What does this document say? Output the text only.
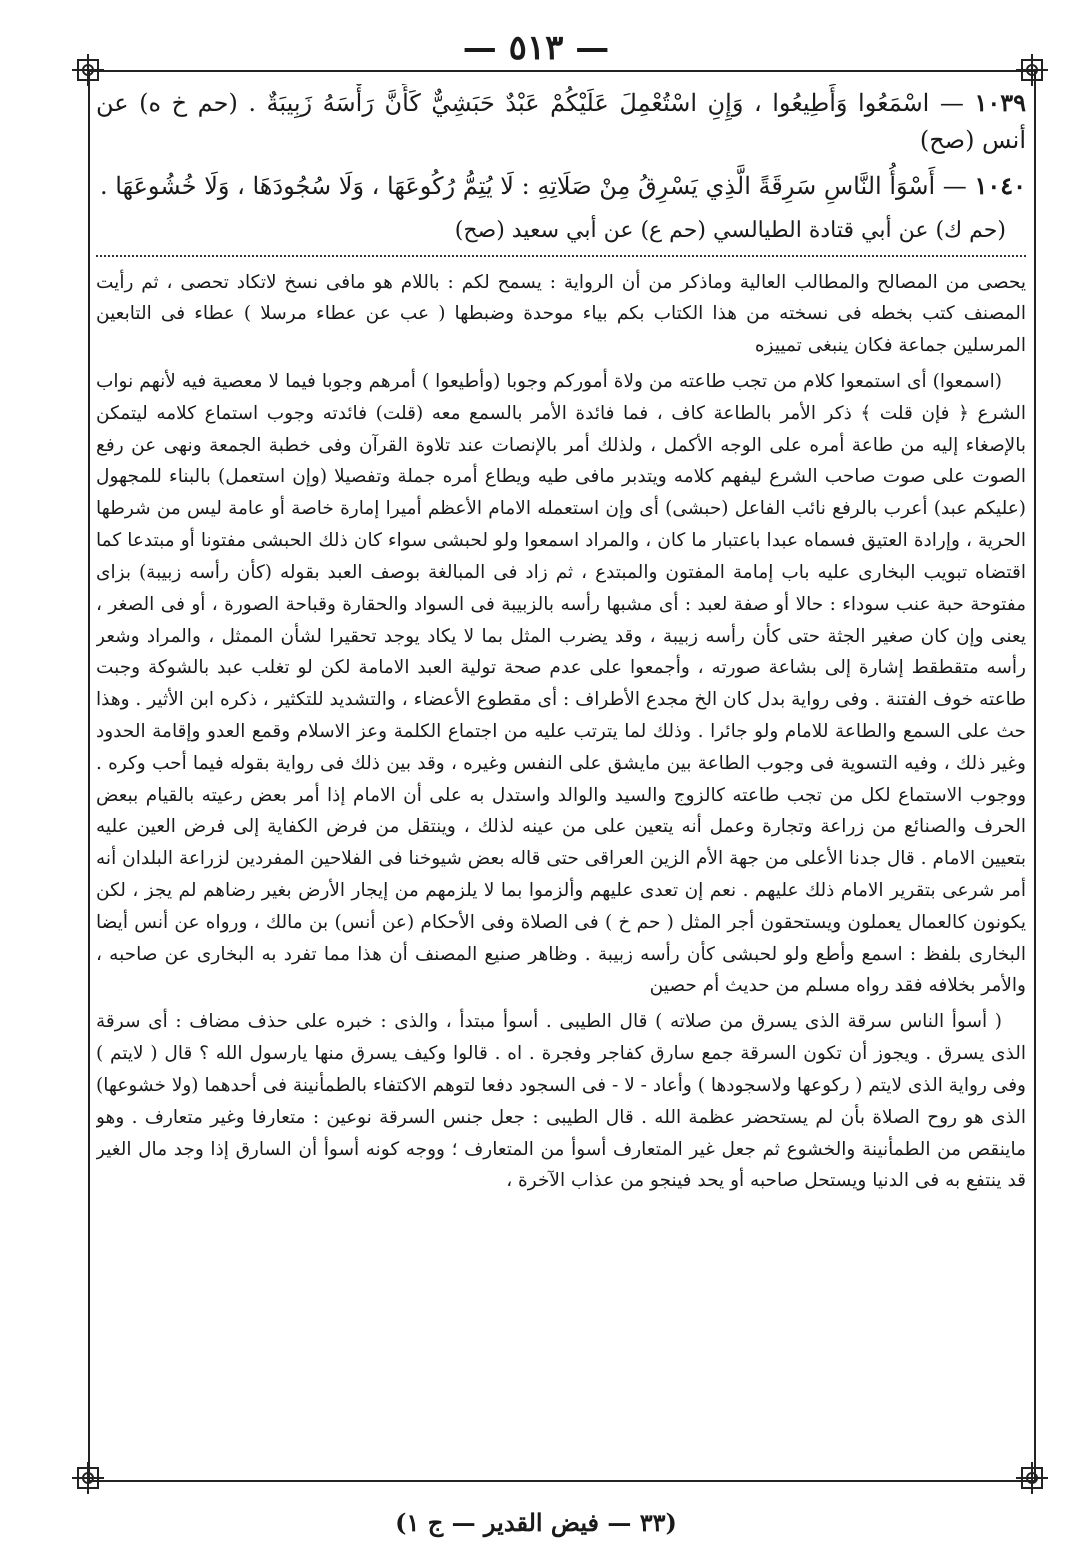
— ٥١٣ —

١٠٣٩ — اسْمَعُوا وَأَطِيعُوا ، وَإِنِ اسْتُعْمِلَ عَلَيْكُمْ عَبْدٌ حَبَشِيٌّ كَأَنَّ رَأْسَهُ زَبِيبَةٌ . (حم خ ه) عن أنس (صح)

١٠٤٠ — أَسْوَأُ النَّاسِ سَرِقَةً الَّذِي يَسْرِقُ مِنْ صَلَاتِهِ : لَا يُتِمُّ رُكُوعَهَا ، وَلَا سُجُودَهَا ، وَلَا خُشُوعَهَا .

(حم ك) عن أبي قتادة الطيالسي (حم ع) عن أبي سعيد (صح)

يحصى من المصالح والمطالب العالية وماذكر من أن الرواية : يسمح لكم : باللام هو مافى نسخ لاتكاد تحصى ، ثم رأيت المصنف كتب بخطه فى نسخته من هذا الكتاب بكم بياء موحدة وضبطها ( عب عن عطاء مرسلا ) عطاء فى التابعين المرسلين جماعة فكان ينبغى تمييزه

(اسمعوا) أى استمعوا كلام من تجب طاعته من ولاة أموركم وجوبا (وأطيعوا ) أمرهم وجوبا فيما لا معصية فيه لأنهم نواب الشرع ﴿ فإن قلت ﴾ ذكر الأمر بالطاعة كاف ، فما فائدة الأمر بالسمع معه (قلت) فائدته وجوب استماع كلامه ليتمكن بالإصغاء إليه من طاعة أمره على الوجه الأكمل ، ولذلك أمر بالإنصات عند تلاوة القرآن وفى خطبة الجمعة ونهى عن رفع الصوت على صوت صاحب الشرع ليفهم كلامه ويتدبر مافى طيه ويطاع أمره جملة وتفصيلا (وإن استعمل) بالبناء للمجهول (عليكم عبد) أعرب بالرفع نائب الفاعل (حبشى) أى وإن استعمله الامام الأعظم أميرا إمارة خاصة أو عامة ليس من شرطها الحرية ، وإرادة العتيق فسماه عبدا باعتبار ما كان ، والمراد اسمعوا ولو لحبشى سواء كان ذلك الحبشى مفتونا أو مبتدعا كما اقتضاه تبويب البخارى عليه باب إمامة المفتون والمبتدع ، ثم زاد فى المبالغة بوصف العبد بقوله (كأن رأسه زبيبة) بزاى مفتوحة حبة عنب سوداء : حالا أو صفة لعبد : أى مشبها رأسه بالزبيبة فى السواد والحقارة وقباحة الصورة ، أو فى الصغر ، يعنى وإن كان صغير الجثة حتى كأن رأسه زبيبة ، وقد يضرب المثل بما لا يكاد يوجد تحقيرا لشأن الممثل ، والمراد وشعر رأسه متقطقط إشارة إلى بشاعة صورته ، وأجمعوا على عدم صحة تولية العبد الامامة لكن لو تغلب عبد بالشوكة وجبت طاعته خوف الفتنة . وفى رواية بدل كان الخ مجدع الأطراف : أى مقطوع الأعضاء ، والتشديد للتكثير ، ذكره ابن الأثير . وهذا حث على السمع والطاعة للامام ولو جائرا . وذلك لما يترتب عليه من اجتماع الكلمة وعز الاسلام وقمع العدو وإقامة الحدود وغير ذلك ، وفيه التسوية فى وجوب الطاعة بين مايشق على النفس وغيره ، وقد بين ذلك فى رواية بقوله فيما أحب وكره . ووجوب الاستماع لكل من تجب طاعته كالزوج والسيد والوالد واستدل به على أن الامام إذا أمر بعض رعيته بالقيام ببعض الحرف والصنائع من زراعة وتجارة وعمل أنه يتعين على من عينه لذلك ، وينتقل من فرض الكفاية إلى فرض العين عليه بتعيين الامام . قال جدنا الأعلى من جهة الأم الزين العراقى حتى قاله بعض شيوخنا فى الفلاحين المفردين لزراعة البلدان أنه أمر شرعى بتقرير الامام ذلك عليهم . نعم إن تعدى عليهم وألزموا بما لا يلزمهم من إيجار الأرض بغير رضاهم لم يجز ، لكن يكونون كالعمال يعملون ويستحقون أجر المثل ( حم خ ) فى الصلاة وفى الأحكام (عن أنس) بن مالك ، ورواه عن أنس أيضا البخارى بلفظ : اسمع وأطع ولو لحبشى كأن رأسه زبيبة . وظاهر صنيع المصنف أن هذا مما تفرد به البخارى عن صاحبه ، والأمر بخلافه فقد رواه مسلم من حديث أم حصين

( أسوأ الناس سرقة الذى يسرق من صلاته ) قال الطيبى . أسوأ مبتدأ ، والذى : خبره على حذف مضاف : أى سرقة الذى يسرق . ويجوز أن تكون السرقة جمع سارق كفاجر وفجرة . اه . قالوا وكيف يسرق منها يارسول الله ؟ قال ( لايتم ) وفى رواية الذى لايتم ( ركوعها ولاسجودها ) وأعاد - لا - فى السجود دفعا لتوهم الاكتفاء بالطمأنينة فى أحدهما (ولا خشوعها) الذى هو روح الصلاة بأن لم يستحضر عظمة الله . قال الطيبى : جعل جنس السرقة نوعين : متعارفا وغير متعارف . وهو ماينقص من الطمأنينة والخشوع ثم جعل غير المتعارف أسوأ من المتعارف ؛ ووجه كونه أسوأ أن السارق إذا وجد مال الغير قد ينتفع به فى الدنيا ويستحل صاحبه أو يحد فينجو من عذاب الآخرة ،

(٣٣ — فيض القدير — ج ١)
